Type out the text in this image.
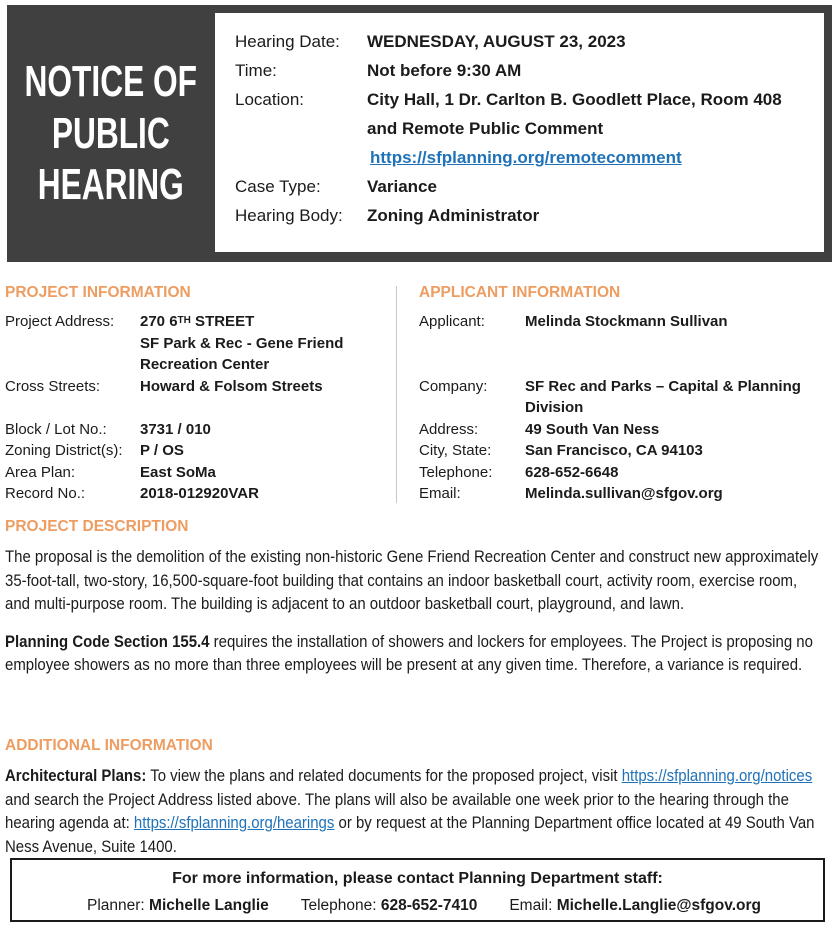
NOTICE OF
PUBLIC
HEARING
Hearing Date:	WEDNESDAY, AUGUST 23, 2023
Time:	Not before 9:30 AM
Location:	City Hall, 1 Dr. Carlton B. Goodlett Place, Room 408
and Remote Public Comment
https://sfplanning.org/remotecomment
Case Type:	Variance
Hearing Body:	Zoning Administrator
PROJECT INFORMATION
Project Address:	270 6TH STREET
SF Park & Rec - Gene Friend
Recreation Center
Cross Streets:	Howard & Folsom Streets
Block / Lot No.:	3731 / 010
Zoning District(s):	P / OS
Area Plan:	East SoMa
Record No.:	2018-012920VAR
APPLICANT INFORMATION
Applicant:	Melinda Stockmann Sullivan
Company:	SF Rec and Parks – Capital & Planning
Division
Address:	49 South Van Ness
City, State:	San Francisco, CA 94103
Telephone:	628-652-6648
Email:	Melinda.sullivan@sfgov.org
PROJECT DESCRIPTION

The proposal is the demolition of the existing non-historic Gene Friend Recreation Center and construct new approximately 35-foot-tall, two-story, 16,500-square-foot building that contains an indoor basketball court, activity room, exercise room, and multi-purpose room. The building is adjacent to an outdoor basketball court, playground, and lawn.

Planning Code Section 155.4 requires the installation of showers and lockers for employees. The Project is proposing no employee showers as no more than three employees will be present at any given time. Therefore, a variance is required.

ADDITIONAL INFORMATION

Architectural Plans: To view the plans and related documents for the proposed project, visit https://sfplanning.org/notices and search the Project Address listed above. The plans will also be available one week prior to the hearing through the hearing agenda at: https://sfplanning.org/hearings or by request at the Planning Department office located at 49 South Van Ness Avenue, Suite 1400.

For more information, please contact Planning Department staff:
Planner: Michelle Langlie Telephone: 628-652-7410 Email: Michelle.Langlie@sfgov.org
